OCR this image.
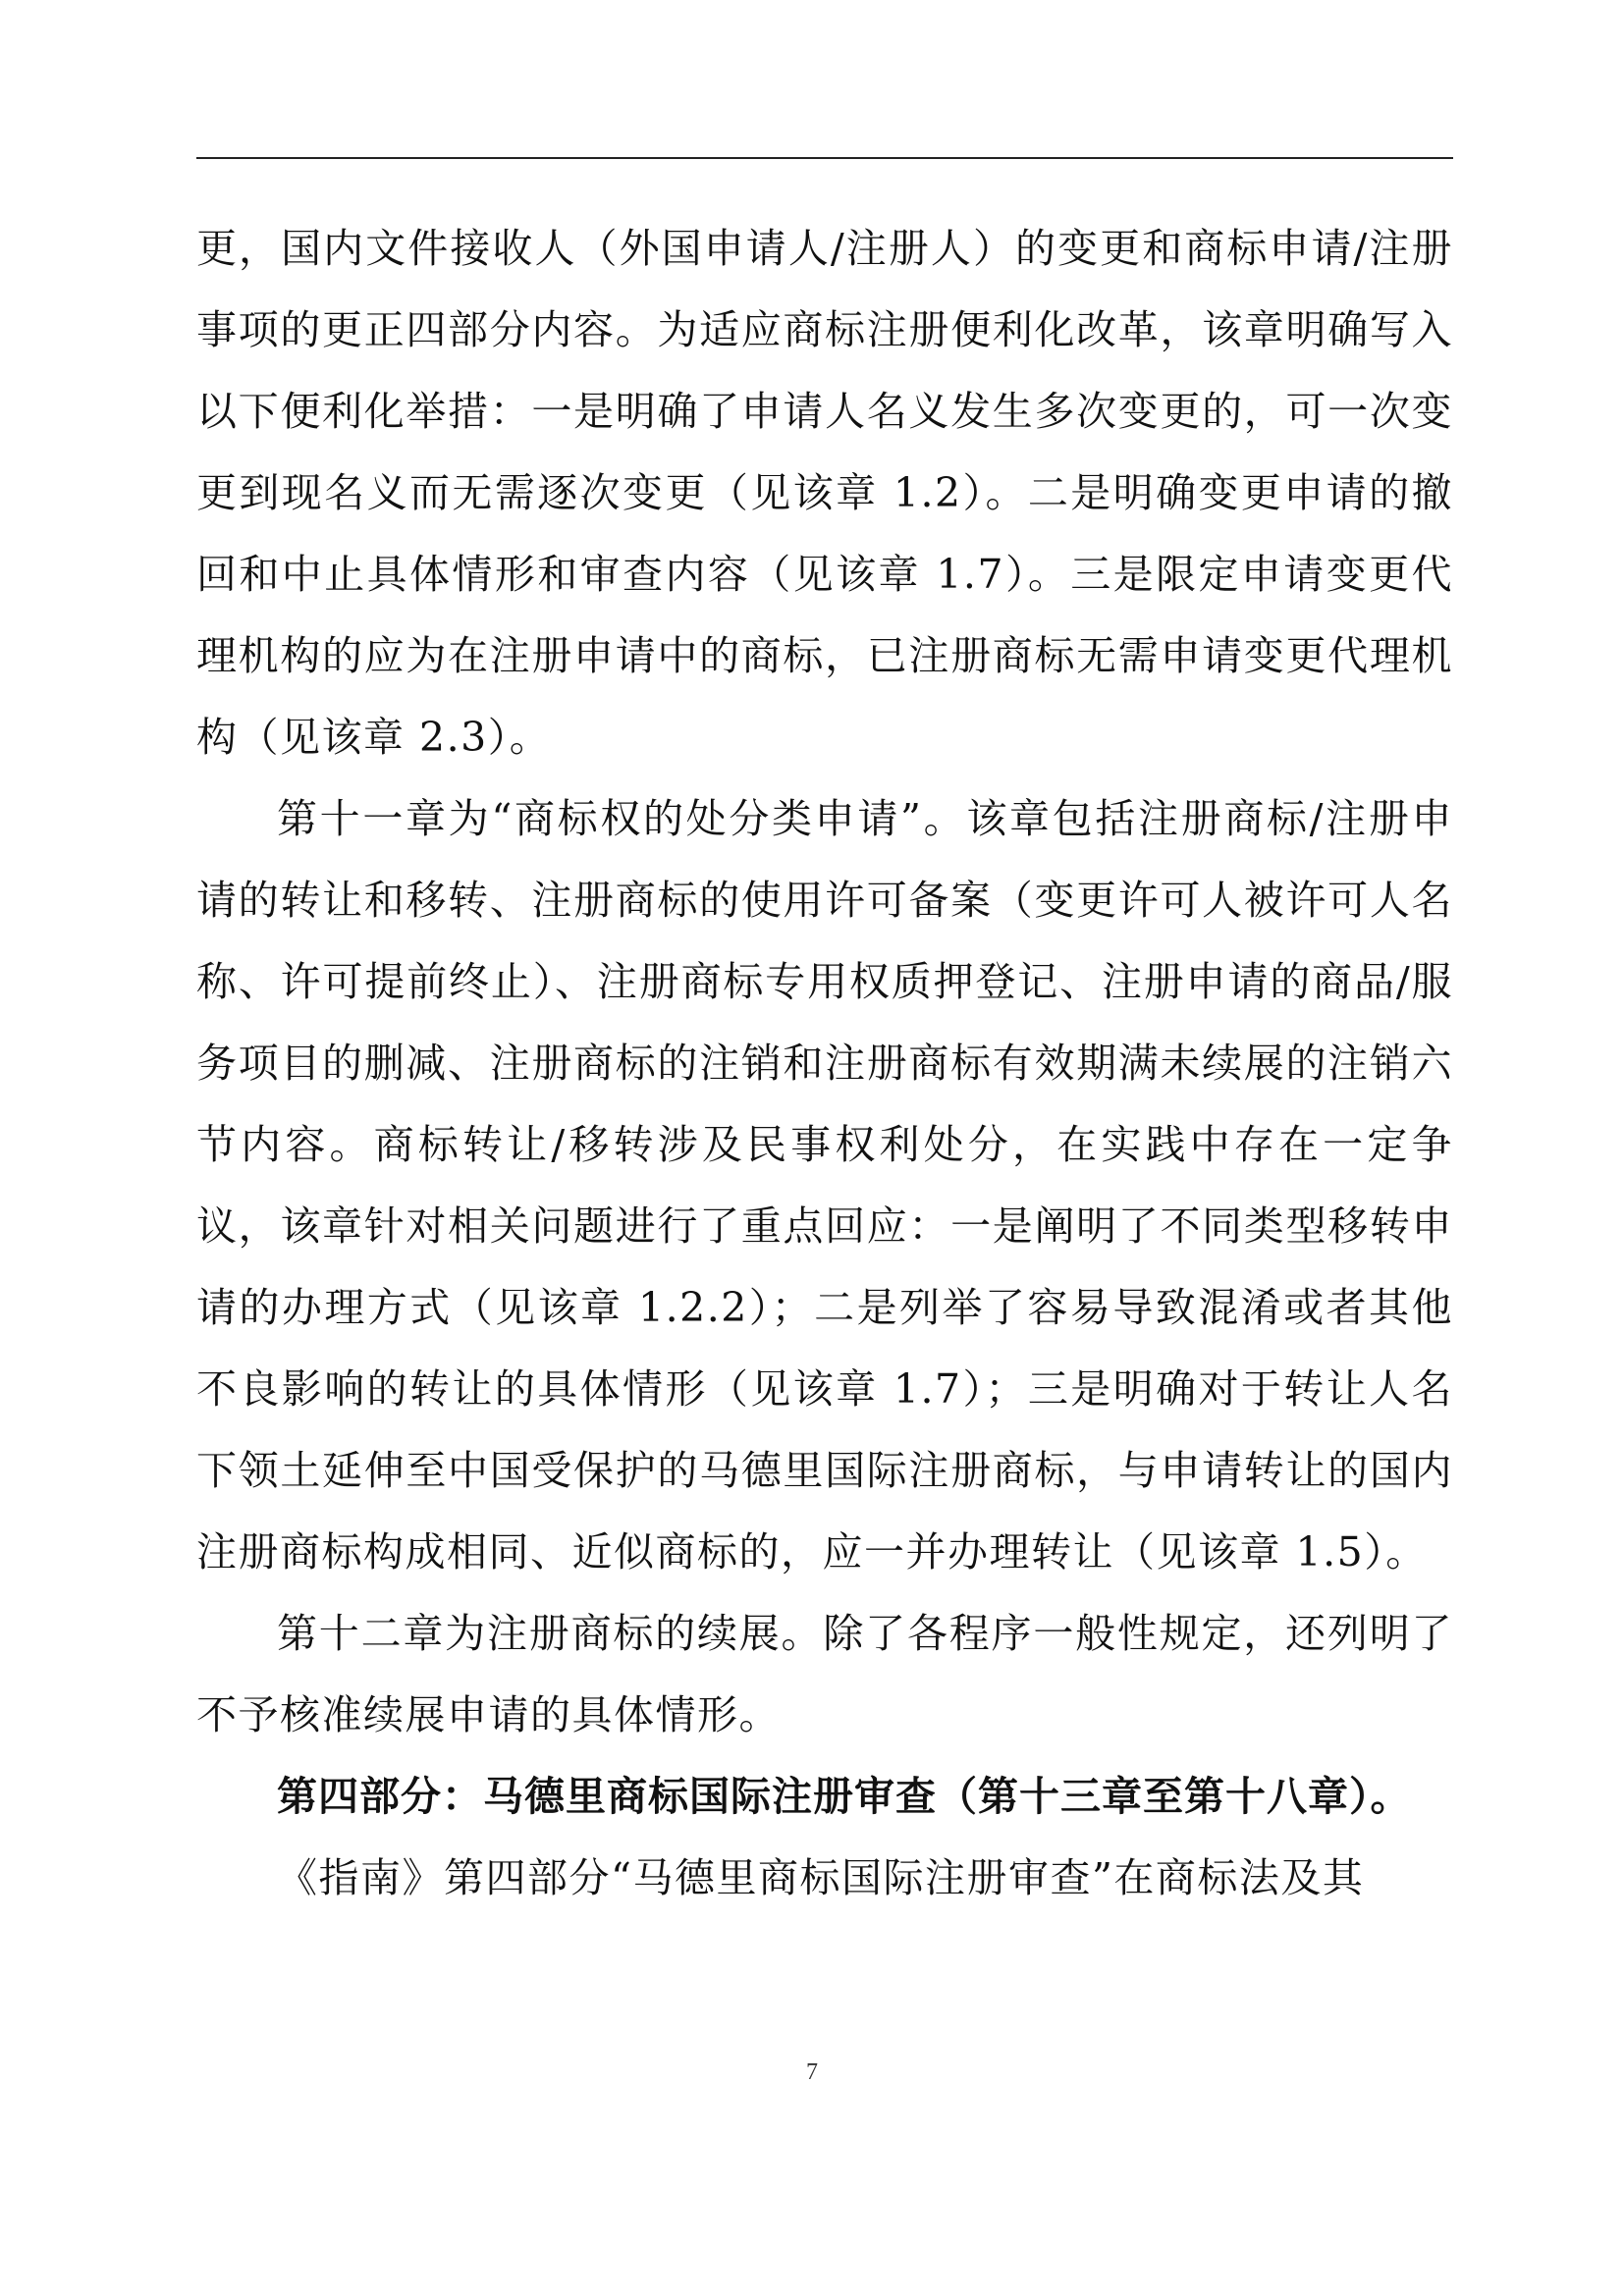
更，国内文件接收人（外国申请人/注册人）的变更和商标申请/注册事项的更正四部分内容。为适应商标注册便利化改革，该章明确写入以下便利化举措：一是明确了申请人名义发生多次变更的，可一次变更到现名义而无需逐次变更（见该章 1.2）。二是明确变更申请的撤回和中止具体情形和审查内容（见该章 1.7）。三是限定申请变更代理机构的应为在注册申请中的商标，已注册商标无需申请变更代理机构（见该章 2.3）。

第十一章为“商标权的处分类申请”。该章包括注册商标/注册申请的转让和移转、注册商标的使用许可备案（变更许可人被许可人名称、许可提前终止）、注册商标专用权质押登记、注册申请的商品/服务项目的删减、注册商标的注销和注册商标有效期满未续展的注销六节内容。商标转让/移转涉及民事权利处分，在实践中存在一定争议，该章针对相关问题进行了重点回应：一是阐明了不同类型移转申请的办理方式（见该章 1.2.2）；二是列举了容易导致混淆或者其他不良影响的转让的具体情形（见该章 1.7）；三是明确对于转让人名下领土延伸至中国受保护的马德里国际注册商标，与申请转让的国内注册商标构成相同、近似商标的，应一并办理转让（见该章 1.5）。

第十二章为注册商标的续展。除了各程序一般性规定，还列明了不予核准续展申请的具体情形。

第四部分：马德里商标国际注册审查（第十三章至第十八章）。

《指南》第四部分“马德里商标国际注册审查”在商标法及其

7
